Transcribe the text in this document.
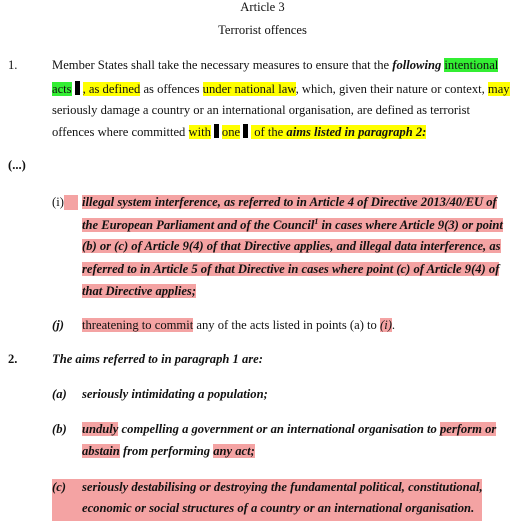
Article 3
Terrorist offences
1.	Member States shall take the necessary measures to ensure that the following intentional
acts , as defined as offences under national law, which, given their nature or context, may
seriously damage a country or an international organisation, are defined as terrorist
offences where committed with one of the aims listed in paragraph 2:
(...)
(i)	illegal system interference, as referred to in Article 4 of Directive 2013/40/EU of
the European Parliament and of the Council$^1$ in cases where Article 9(3) or point
(b) or (c) of Article 9(4) of that Directive applies, and illegal data interference, as
referred to in Article 5 of that Directive in cases where point (c) of Article 9(4) of
that Directive applies;
(j) threatening to commit any of the acts listed in points (a) to (i).
2.	The aims referred to in paragraph 1 are:
(a) seriously intimidating a population;
(b) unduly compelling a government or an international organisation to perform or
abstain from performing any act;
(c) seriously destabilising or destroying the fundamental political, constitutional,
economic or social structures of a country or an international organisation.
